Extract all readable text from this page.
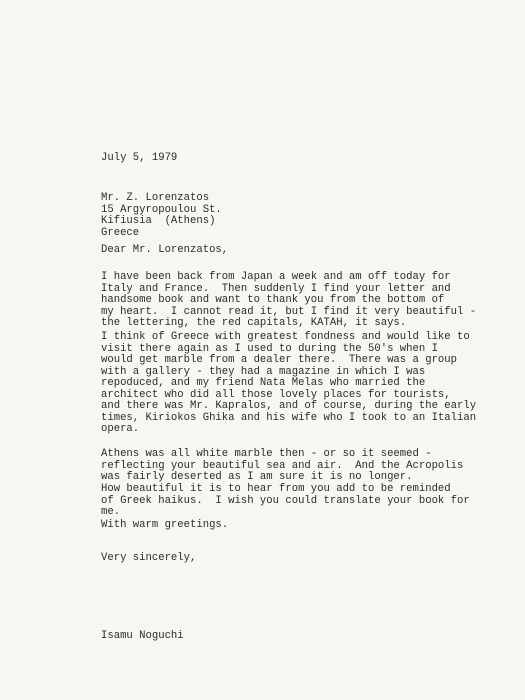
July 5, 1979
Mr. Z. Lorenzatos
15 Argyropoulou St.
Kifiusia  (Athens)
Greece
Dear Mr. Lorenzatos,
I have been back from Japan a week and am off today for
Italy and France.  Then suddenly I find your letter and
handsome book and want to thank you from the bottom of
my heart.  I cannot read it, but I find it very beautiful -
the lettering, the red capitals, KATAH, it says.
I think of Greece with greatest fondness and would like to
visit there again as I used to during the 50's when I
would get marble from a dealer there.  There was a group
with a gallery - they had a magazine in which I was
repoduced, and my friend Nata Melas who married the
architect who did all those lovely places for tourists,
and there was Mr. Kapralos, and of course, during the early
times, Kiriokos Ghika and his wife who I took to an Italian
opera.
Athens was all white marble then - or so it seemed -
reflecting your beautiful sea and air.  And the Acropolis
was fairly deserted as I am sure it is no longer.
How beautiful it is to hear from you add to be reminded
of Greek haikus.  I wish you could translate your book for
me.
With warm greetings.
Very sincerely,
Isamu Noguchi
